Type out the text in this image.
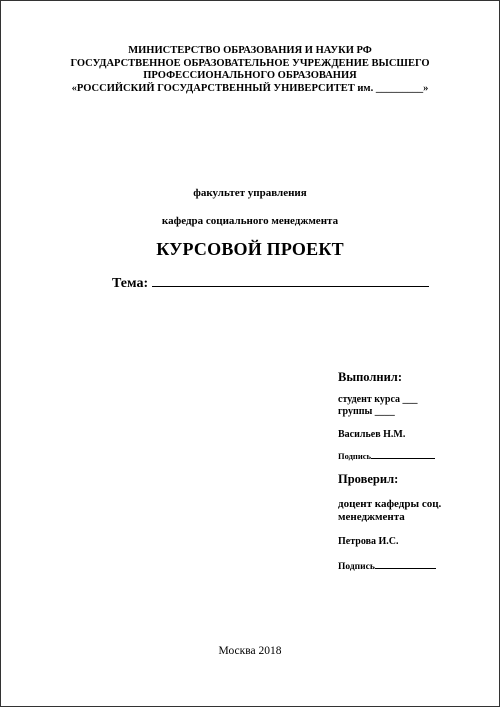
МИНИСТЕРСТВО ОБРАЗОВАНИЯ И НАУКИ РФ
ГОСУДАРСТВЕННОЕ ОБРАЗОВАТЕЛЬНОЕ УЧРЕЖДЕНИЕ ВЫСШЕГО
ПРОФЕССИОНАЛЬНОГО ОБРАЗОВАНИЯ
«РОССИЙСКИЙ ГОСУДАРСТВЕННЫЙ УНИВЕРСИТЕТ им. _________»
факультет управления
кафедра социального менеджмента
КУРСОВОЙ ПРОЕКТ
Тема:
Выполнил:
студент курса ___
группы ____
Васильев Н.М.
Подпись
Проверил:
доцент кафедры соц.
менеджмента
Петрова И.С.
Подпись
Москва 2018
